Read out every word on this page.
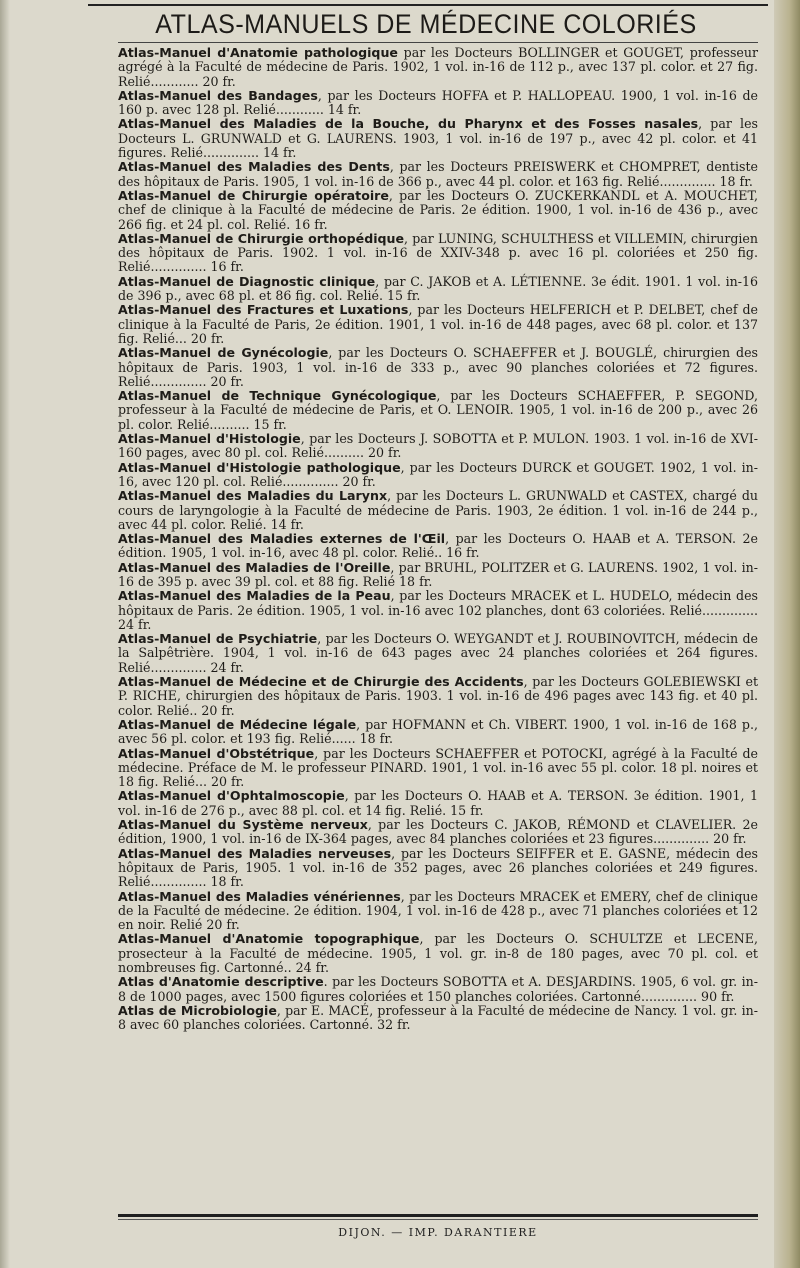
ATLAS-MANUELS DE MÉDECINE COLORIÉS

Atlas-Manuel d'Anatomie pathologique par les Docteurs BOLLINGER et GOUGET, professeur agrégé à la Faculté de médecine de Paris. 1902, 1 vol. in-16 de 112 p., avec 137 pl. color. et 27 fig. Relié............ 20 fr.

Atlas-Manuel des Bandages, par les Docteurs HOFFA et P. HALLOPEAU. 1900, 1 vol. in-16 de 160 p. avec 128 pl. Relié............ 14 fr.

Atlas-Manuel des Maladies de la Bouche, du Pharynx et des Fosses nasales, par les Docteurs L. GRUNWALD et G. LAURENS. 1903, 1 vol. in-16 de 197 p., avec 42 pl. color. et 41 figures. Relié.............. 14 fr.

Atlas-Manuel des Maladies des Dents, par les Docteurs PREISWERK et CHOMPRET, dentiste des hôpitaux de Paris. 1905, 1 vol. in-16 de 366 p., avec 44 pl. color. et 163 fig. Relié.............. 18 fr.

Atlas-Manuel de Chirurgie opératoire, par les Docteurs O. ZUCKERKANDL et A. MOUCHET, chef de clinique à la Faculté de médecine de Paris. 2e édition. 1900, 1 vol. in-16 de 436 p., avec 266 fig. et 24 pl. col. Relié. 16 fr.

Atlas-Manuel de Chirurgie orthopédique, par LUNING, SCHULTHESS et VILLEMIN, chirurgien des hôpitaux de Paris. 1902. 1 vol. in-16 de XXIV-348 p. avec 16 pl. coloriées et 250 fig. Relié.............. 16 fr.

Atlas-Manuel de Diagnostic clinique, par C. JAKOB et A. LÉTIENNE. 3e édit. 1901. 1 vol. in-16 de 396 p., avec 68 pl. et 86 fig. col. Relié. 15 fr.

Atlas-Manuel des Fractures et Luxations, par les Docteurs HELFERICH et P. DELBET, chef de clinique à la Faculté de Paris, 2e édition. 1901, 1 vol. in-16 de 448 pages, avec 68 pl. color. et 137 fig. Relié... 20 fr.

Atlas-Manuel de Gynécologie, par les Docteurs O. SCHAEFFER et J. BOUGLÉ, chirurgien des hôpitaux de Paris. 1903, 1 vol. in-16 de 333 p., avec 90 planches coloriées et 72 figures. Relié.............. 20 fr.

Atlas-Manuel de Technique Gynécologique, par les Docteurs SCHAEFFER, P. SEGOND, professeur à la Faculté de médecine de Paris, et O. LENOIR. 1905, 1 vol. in-16 de 200 p., avec 26 pl. color. Relié.......... 15 fr.

Atlas-Manuel d'Histologie, par les Docteurs J. SOBOTTA et P. MULON. 1903. 1 vol. in-16 de XVI-160 pages, avec 80 pl. col. Relié.......... 20 fr.

Atlas-Manuel d'Histologie pathologique, par les Docteurs DURCK et GOUGET. 1902, 1 vol. in-16, avec 120 pl. col. Relié.............. 20 fr.

Atlas-Manuel des Maladies du Larynx, par les Docteurs L. GRUNWALD et CASTEX, chargé du cours de laryngologie à la Faculté de médecine de Paris. 1903, 2e édition. 1 vol. in-16 de 244 p., avec 44 pl. color. Relié. 14 fr.

Atlas-Manuel des Maladies externes de l'Œil, par les Docteurs O. HAAB et A. TERSON. 2e édition. 1905, 1 vol. in-16, avec 48 pl. color. Relié.. 16 fr.

Atlas-Manuel des Maladies de l'Oreille, par BRUHL, POLITZER et G. LAURENS. 1902, 1 vol. in-16 de 395 p. avec 39 pl. col. et 88 fig. Relié 18 fr.

Atlas-Manuel des Maladies de la Peau, par les Docteurs MRACEK et L. HUDELO, médecin des hôpitaux de Paris. 2e édition. 1905, 1 vol. in-16 avec 102 planches, dont 63 coloriées. Relié.............. 24 fr.

Atlas-Manuel de Psychiatrie, par les Docteurs O. WEYGANDT et J. ROUBINOVITCH, médecin de la Salpêtrière. 1904, 1 vol. in-16 de 643 pages avec 24 planches coloriées et 264 figures. Relié.............. 24 fr.

Atlas-Manuel de Médecine et de Chirurgie des Accidents, par les Docteurs GOLEBIEWSKI et P. RICHE, chirurgien des hôpitaux de Paris. 1903. 1 vol. in-16 de 496 pages avec 143 fig. et 40 pl. color. Relié.. 20 fr.

Atlas-Manuel de Médecine légale, par HOFMANN et Ch. VIBERT. 1900, 1 vol. in-16 de 168 p., avec 56 pl. color. et 193 fig. Relié...... 18 fr.

Atlas-Manuel d'Obstétrique, par les Docteurs SCHAEFFER et POTOCKI, agrégé à la Faculté de médecine. Préface de M. le professeur PINARD. 1901, 1 vol. in-16 avec 55 pl. color. 18 pl. noires et 18 fig. Relié... 20 fr.

Atlas-Manuel d'Ophtalmoscopie, par les Docteurs O. HAAB et A. TERSON. 3e édition. 1901, 1 vol. in-16 de 276 p., avec 88 pl. col. et 14 fig. Relié. 15 fr.

Atlas-Manuel du Système nerveux, par les Docteurs C. JAKOB, RÉMOND et CLAVELIER. 2e édition, 1900, 1 vol. in-16 de IX-364 pages, avec 84 planches coloriées et 23 figures.............. 20 fr.

Atlas-Manuel des Maladies nerveuses, par les Docteurs SEIFFER et E. GASNE, médecin des hôpitaux de Paris, 1905. 1 vol. in-16 de 352 pages, avec 26 planches coloriées et 249 figures. Relié.............. 18 fr.

Atlas-Manuel des Maladies vénériennes, par les Docteurs MRACEK et EMERY, chef de clinique de la Faculté de médecine. 2e édition. 1904, 1 vol. in-16 de 428 p., avec 71 planches coloriées et 12 en noir. Relié 20 fr.

Atlas-Manuel d'Anatomie topographique, par les Docteurs O. SCHULTZE et LECENE, prosecteur à la Faculté de médecine. 1905, 1 vol. gr. in-8 de 180 pages, avec 70 pl. col. et nombreuses fig. Cartonné.. 24 fr.

Atlas d'Anatomie descriptive. par les Docteurs SOBOTTA et A. DESJARDINS. 1905, 6 vol. gr. in-8 de 1000 pages, avec 1500 figures coloriées et 150 planches coloriées. Cartonné.............. 90 fr.

Atlas de Microbiologie, par E. MACÉ, professeur à la Faculté de médecine de Nancy. 1 vol. gr. in-8 avec 60 planches coloriées. Cartonné. 32 fr.

DIJON. — IMP. DARANTIERE
